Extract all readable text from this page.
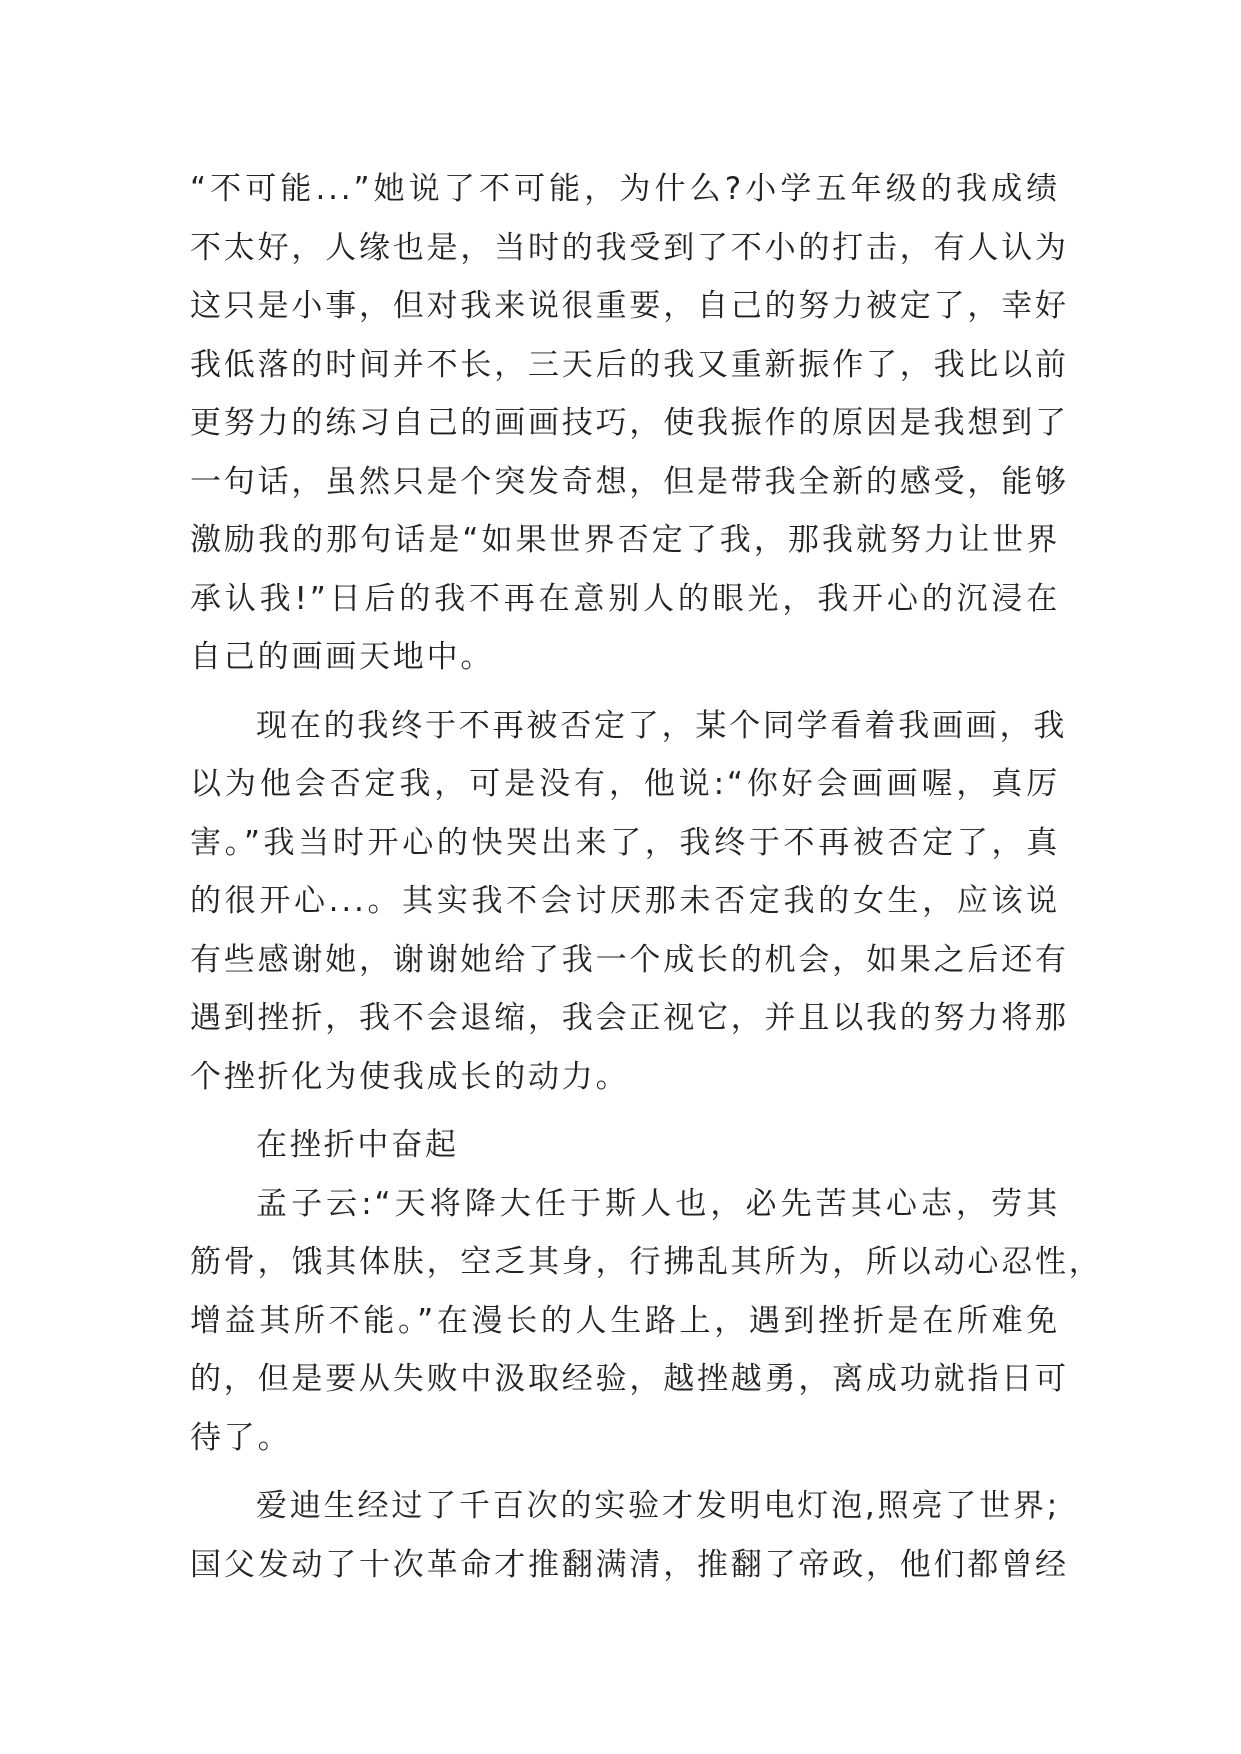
“不可能...”她说了不可能，为什么?小学五年级的我成绩
不太好，人缘也是，当时的我受到了不小的打击，有人认为
这只是小事，但对我来说很重要，自己的努力被定了，幸好
我低落的时间并不长，三天后的我又重新振作了，我比以前
更努力的练习自己的画画技巧，使我振作的原因是我想到了
一句话，虽然只是个突发奇想，但是带我全新的感受，能够
激励我的那句话是“如果世界否定了我，那我就努力让世界
承认我!”日后的我不再在意别人的眼光，我开心的沉浸在
自己的画画天地中。
现在的我终于不再被否定了，某个同学看着我画画，我
以为他会否定我，可是没有，他说:“你好会画画喔，真厉
害。”我当时开心的快哭出来了，我终于不再被否定了，真
的很开心...。其实我不会讨厌那未否定我的女生，应该说
有些感谢她，谢谢她给了我一个成长的机会，如果之后还有
遇到挫折，我不会退缩，我会正视它，并且以我的努力将那
个挫折化为使我成长的动力。
在挫折中奋起
孟子云:“天将降大任于斯人也，必先苦其心志，劳其
筋骨，饿其体肤，空乏其身，行拂乱其所为，所以动心忍性，
增益其所不能。”在漫长的人生路上，遇到挫折是在所难免
的，但是要从失败中汲取经验，越挫越勇，离成功就指日可
待了。
爱迪生经过了千百次的实验才发明电灯泡,照亮了世界;
国父发动了十次革命才推翻满清，推翻了帝政，他们都曾经
